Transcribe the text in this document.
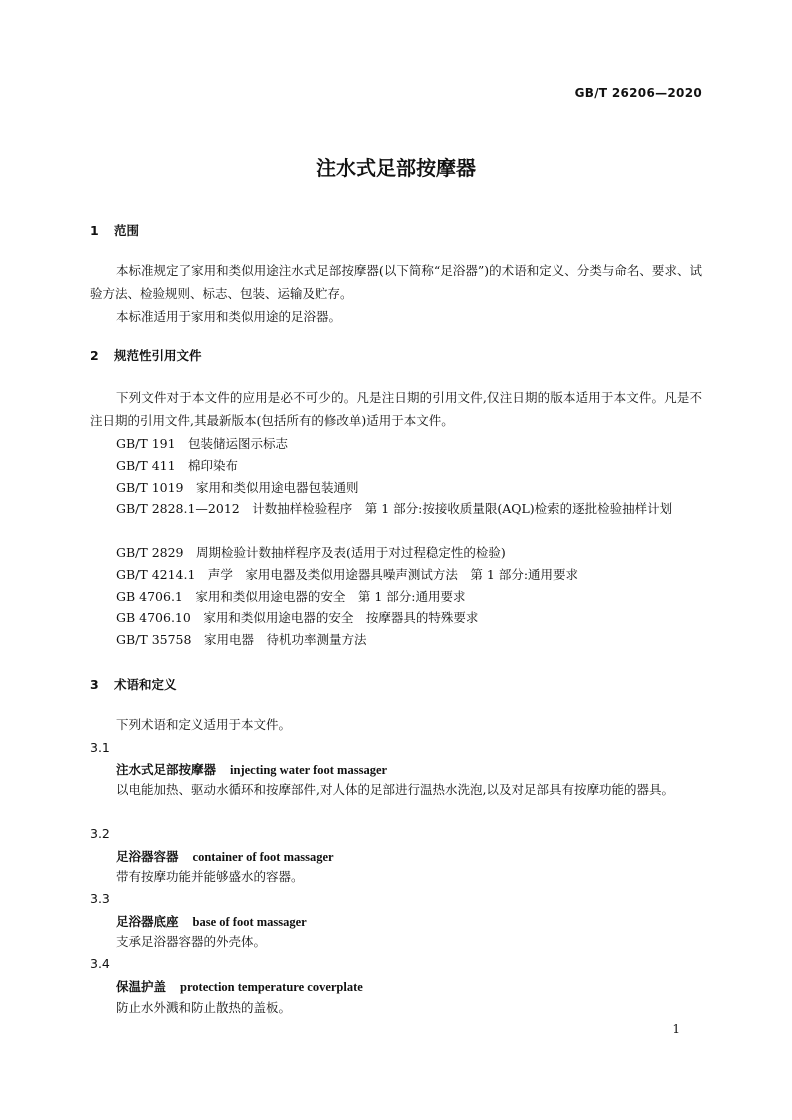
GB/T 26206—2020
注水式足部按摩器
1 范围
本标准规定了家用和类似用途注水式足部按摩器(以下简称“足浴器”)的术语和定义、分类与命名、要求、试验方法、检验规则、标志、包装、运输及贮存。
本标准适用于家用和类似用途的足浴器。
2 规范性引用文件
下列文件对于本文件的应用是必不可少的。凡是注日期的引用文件,仅注日期的版本适用于本文件。凡是不注日期的引用文件,其最新版本(包括所有的修改单)适用于本文件。
GB/T 191　包装储运图示标志
GB/T 411　棉印染布
GB/T 1019　家用和类似用途电器包装通则
GB/T 2828.1—2012　计数抽样检验程序　第 1 部分:按接收质量限(AQL)检索的逐批检验抽样计划
GB/T 2829　周期检验计数抽样程序及表(适用于对过程稳定性的检验)
GB/T 4214.1　声学　家用电器及类似用途器具噪声测试方法　第 1 部分:通用要求
GB 4706.1　家用和类似用途电器的安全　第 1 部分:通用要求
GB 4706.10　家用和类似用途电器的安全　按摩器具的特殊要求
GB/T 35758　家用电器　待机功率测量方法
3 术语和定义
下列术语和定义适用于本文件。
3.1
注水式足部按摩器 injecting water foot massager
以电能加热、驱动水循环和按摩部件,对人体的足部进行温热水洗泡,以及对足部具有按摩功能的器具。
3.2
足浴器容器 container of foot massager
带有按摩功能并能够盛水的容器。
3.3
足浴器底座 base of foot massager
支承足浴器容器的外壳体。
3.4
保温护盖 protection temperature coverplate
防止水外溅和防止散热的盖板。
1
